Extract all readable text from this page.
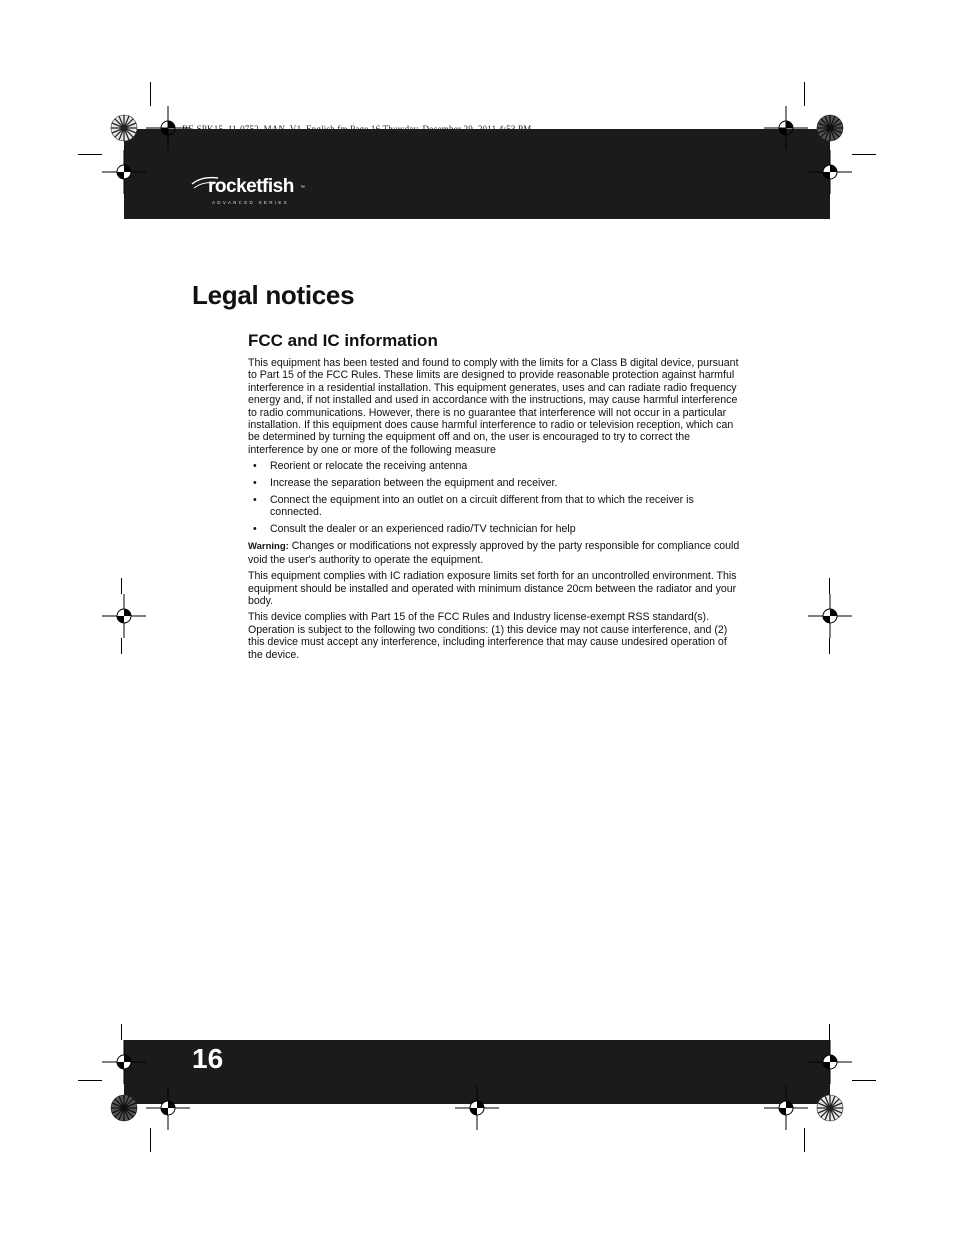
RF-SPK15_11-0752_MAN_V1_English.fm Page 16 Thursday, December 29, 2011 4:53 PM
rocketfish ™
ADVANCED SERIES
16
Legal notices
FCC and IC information

This equipment has been tested and found to comply with the limits for a Class B digital device, pursuant to Part 15 of the FCC Rules. These limits are designed to provide reasonable protection against harmful interference in a residential installation. This equipment generates, uses and can radiate radio frequency energy and, if not installed and used in accordance with the instructions, may cause harmful interference to radio communications. However, there is no guarantee that interference will not occur in a particular installation. If this equipment does cause harmful interference to radio or television reception, which can be determined by turning the equipment off and on, the user is encouraged to try to correct the interference by one or more of the following measure

• Reorient or relocate the receiving antenna
• Increase the separation between the equipment and receiver.
• Connect the equipment into an outlet on a circuit different from that to which the receiver is connected.
• Consult the dealer or an experienced radio/TV technician for help

Warning: Changes or modifications not expressly approved by the party responsible for compliance could void the user's authority to operate the equipment.

This equipment complies with IC radiation exposure limits set forth for an uncontrolled environment. This equipment should be installed and operated with minimum distance 20cm between the radiator and your body.

This device complies with Part 15 of the FCC Rules and Industry license-exempt RSS standard(s). Operation is subject to the following two conditions: (1) this device may not cause interference, and (2) this device must accept any interference, including interference that may cause undesired operation of the device.
